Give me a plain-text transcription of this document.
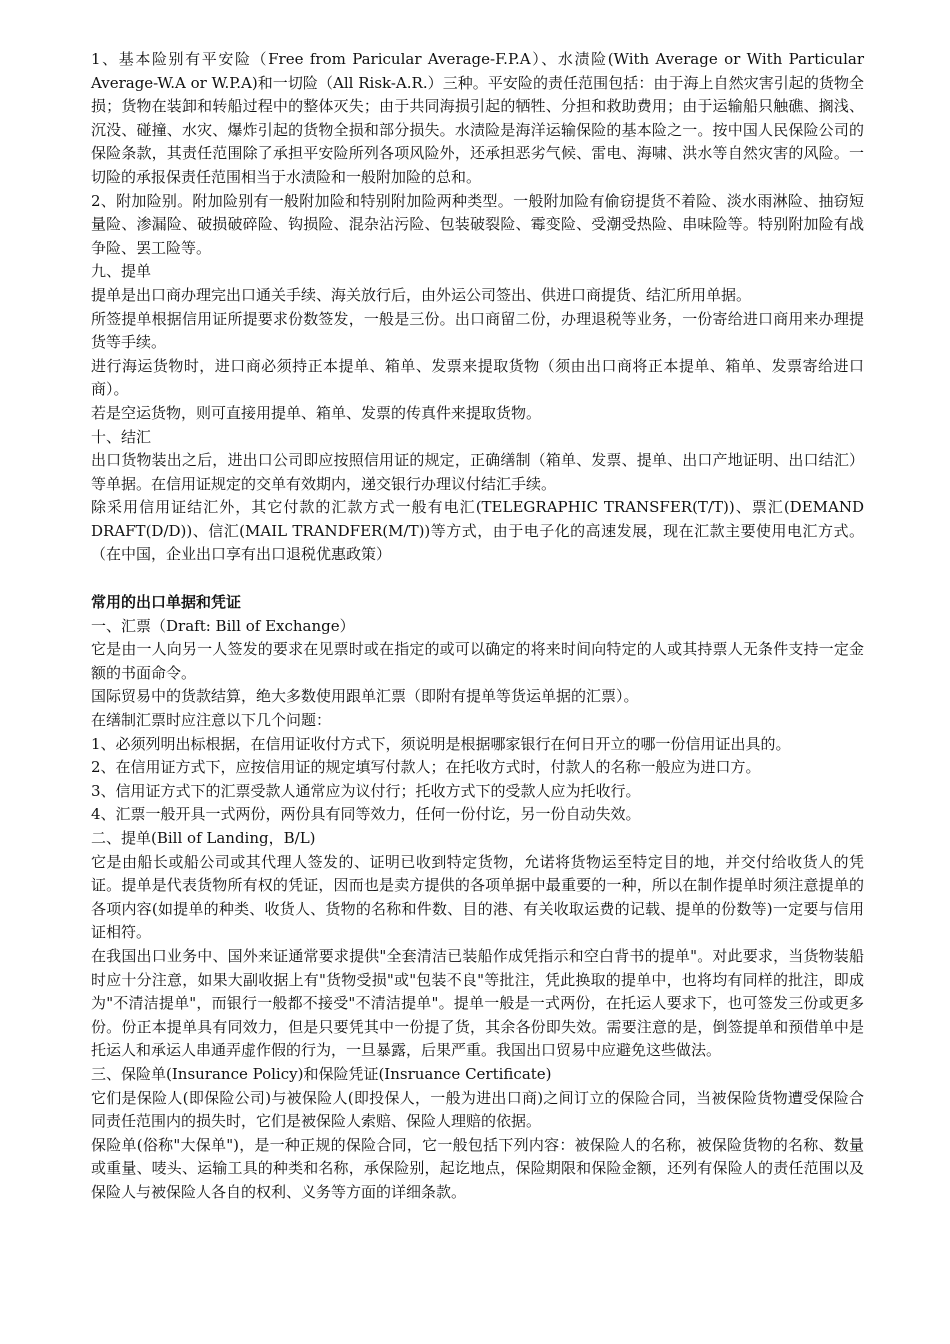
1、基本险别有平安险（Free from Paricular Average-F.P.A）、水渍险(With Average or With Particular Average-W.A or W.P.A)和一切险（All Risk-A.R.）三种。平安险的责任范围包括：由于海上自然灾害引起的货物全损；货物在装卸和转船过程中的整体灭失；由于共同海损引起的牺牲、分担和救助费用；由于运输船只触礁、搁浅、沉没、碰撞、水灾、爆炸引起的货物全损和部分损失。水渍险是海洋运输保险的基本险之一。按中国人民保险公司的保险条款，其责任范围除了承担平安险所列各项风险外，还承担恶劣气候、雷电、海啸、洪水等自然灾害的风险。一切险的承报保责任范围相当于水渍险和一般附加险的总和。

2、附加险别。附加险别有一般附加险和特别附加险两种类型。一般附加险有偷窃提货不着险、淡水雨淋险、抽窃短量险、渗漏险、破损破碎险、钩损险、混杂沾污险、包装破裂险、霉变险、受潮受热险、串味险等。特别附加险有战争险、罢工险等。

九、提单

提单是出口商办理完出口通关手续、海关放行后，由外运公司签出、供进口商提货、结汇所用单据。

所签提单根据信用证所提要求份数签发，一般是三份。出口商留二份，办理退税等业务，一份寄给进口商用来办理提货等手续。

进行海运货物时，进口商必须持正本提单、箱单、发票来提取货物（须由出口商将正本提单、箱单、发票寄给进口商）。

若是空运货物，则可直接用提单、箱单、发票的传真件来提取货物。

十、结汇

出口货物装出之后，进出口公司即应按照信用证的规定，正确缮制（箱单、发票、提单、出口产地证明、出口结汇）等单据。在信用证规定的交单有效期内，递交银行办理议付结汇手续。

除采用信用证结汇外，其它付款的汇款方式一般有电汇(TELEGRAPHIC TRANSFER(T/T))、票汇(DEMAND DRAFT(D/D))、信汇(MAIL TRANDFER(M/T))等方式，由于电子化的高速发展，现在汇款主要使用电汇方式。（在中国，企业出口享有出口退税优惠政策）

常用的出口单据和凭证

一、汇票（Draft: Bill of Exchange）

它是由一人向另一人签发的要求在见票时或在指定的或可以确定的将来时间向特定的人或其持票人无条件支持一定金额的书面命令。

国际贸易中的货款结算，绝大多数使用跟单汇票（即附有提单等货运单据的汇票）。

在缮制汇票时应注意以下几个问题：

1、必须列明出标根据，在信用证收付方式下，须说明是根据哪家银行在何日开立的哪一份信用证出具的。

2、在信用证方式下，应按信用证的规定填写付款人；在托收方式时，付款人的名称一般应为进口方。

3、信用证方式下的汇票受款人通常应为议付行；托收方式下的受款人应为托收行。

4、汇票一般开具一式两份，两份具有同等效力，任何一份付讫，另一份自动失效。

二、提单(Bill of Landing，B/L)

它是由船长或船公司或其代理人签发的、证明已收到特定货物，允诺将货物运至特定目的地，并交付给收货人的凭证。提单是代表货物所有权的凭证，因而也是卖方提供的各项单据中最重要的一种，所以在制作提单时须注意提单的各项内容(如提单的种类、收货人、货物的名称和件数、目的港、有关收取运费的记载、提单的份数等)一定要与信用证相符。

在我国出口业务中、国外来证通常要求提供"全套清洁已装船作成凭指示和空白背书的提单"。对此要求，当货物装船时应十分注意，如果大副收据上有"货物受损"或"包装不良"等批注，凭此换取的提单中，也将均有同样的批注，即成为"不清洁提单"，而银行一般都不接受"不清洁提单"。提单一般是一式两份，在托运人要求下，也可签发三份或更多份。份正本提单具有同效力，但是只要凭其中一份提了货，其余各份即失效。需要注意的是，倒签提单和预借单中是托运人和承运人串通弄虚作假的行为，一旦暴露，后果严重。我国出口贸易中应避免这些做法。

三、保险单(Insurance Policy)和保险凭证(Insruance Certificate)

它们是保险人(即保险公司)与被保险人(即投保人，一般为进出口商)之间订立的保险合同，当被保险货物遭受保险合同责任范围内的损失时，它们是被保险人索赔、保险人理赔的依据。

保险单(俗称"大保单")，是一种正规的保险合同，它一般包括下列内容：被保险人的名称，被保险货物的名称、数量或重量、唛头、运输工具的种类和名称，承保险别，起讫地点，保险期限和保险金额，还列有保险人的责任范围以及保险人与被保险人各自的权利、义务等方面的详细条款。
